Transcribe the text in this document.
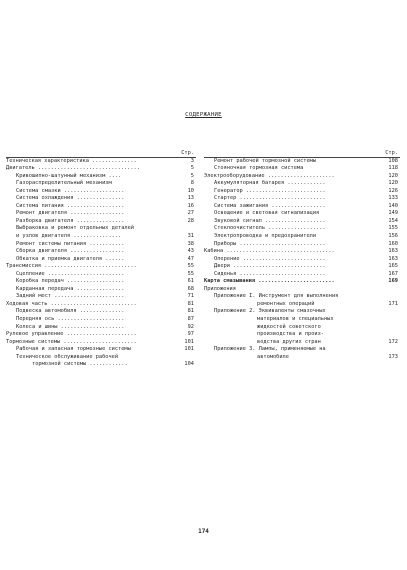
СОДЕРЖАНИЕ
Стр.
Техническая характеристика ..............	3
Двигатель ................................	5
Кривошипно-шатунный механизм ....	5
Газораспределительный механизм	8
Система смазки ...................	10
Система охлаждения ...............	13
Система питания ..................	16
Ремонт двигателя .................	27
Разборка двигателя ...............	28
Выбраковка и ремонт отдельных деталей
и узлов двигателя ...............	31
Ремонт системы питания ...........	38
Сборка двигателя .................	43
Обкатка и приемка двигателя ......	47
Трансмиссия .............................	55
Сцепление ........................	55
Коробка передач ..................	61
Карданная передача ...............	68
Задний мост ......................	71
Ходовая часть ...........................	81
Подвеска автомобиля ..............	81
Передняя ось .....................	87
Колеса и шины ....................	92
Рулевое управление ......................	97
Тормозные системы .......................	101
Рабочая и запасная тормозные системы	101
Техническое обслуживание рабочей
тормозной системы ............	104
Стр.
Ремонт рабочей тормозной системы	108
Стояночная тормозная система	118
Электрооборудование .....................	120
Аккумуляторная батарея ............	120
Генератор .........................	126
Стартер ...........................	133
Система зажигания .................	140
Освещение и световая сигнализация	149
Звуковой сигнал ...................	154
Стеклоочиститель ..................	155
Электропроводка и предохранители	156
Приборы ...........................	160
Кабина ..................................	163
Оперение ..........................	163
Двери .............................	165
Сиденья ...........................	167
Карта смазывания ........................	169
Приложения
Приложение I. Инструмент для выполнения
ремонтных операций	171
Приложение 2. Эквиваленты смазочных
материалов и специальных
жидкостей советского
производства и произ-
водства других стран	172
Приложение 3. Лампы, применяемые на
автомобиле	173
174
